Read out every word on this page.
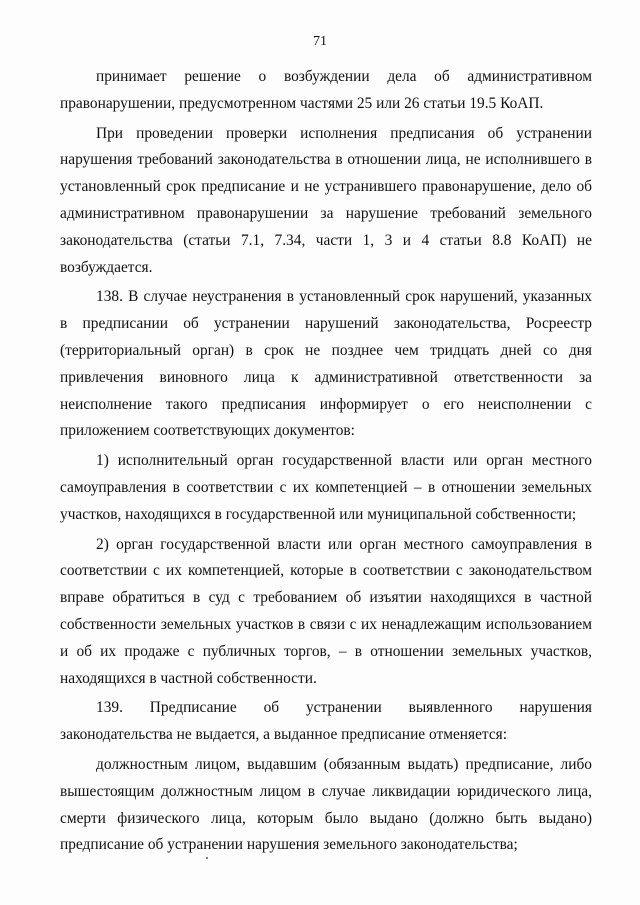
71

принимает решение о возбуждении дела об административном правонарушении, предусмотренном частями 25 или 26 статьи 19.5 КоАП.

При проведении проверки исполнения предписания об устранении нарушения требований законодательства в отношении лица, не исполнившего в установленный срок предписание и не устранившего правонарушение, дело об административном правонарушении за нарушение требований земельного законодательства (статьи 7.1, 7.34, части 1, 3 и 4 статьи 8.8 КоАП) не возбуждается.

138. В случае неустранения в установленный срок нарушений, указанных в предписании об устранении нарушений законодательства, Росреестр (территориальный орган) в срок не позднее чем тридцать дней со дня привлечения виновного лица к административной ответственности за неисполнение такого предписания информирует о его неисполнении с приложением соответствующих документов:

1) исполнительный орган государственной власти или орган местного самоуправления в соответствии с их компетенцией – в отношении земельных участков, находящихся в государственной или муниципальной собственности;

2) орган государственной власти или орган местного самоуправления в соответствии с их компетенцией, которые в соответствии с законодательством вправе обратиться в суд с требованием об изъятии находящихся в частной собственности земельных участков в связи с их ненадлежащим использованием и об их продаже с публичных торгов, – в отношении земельных участков, находящихся в частной собственности.

139. Предписание об устранении выявленного нарушения законодательства не выдается, а выданное предписание отменяется:

должностным лицом, выдавшим (обязанным выдать) предписание, либо вышестоящим должностным лицом в случае ликвидации юридического лица, смерти физического лица, которым было выдано (должно быть выдано) предписание об устранении нарушения земельного законодательства;
